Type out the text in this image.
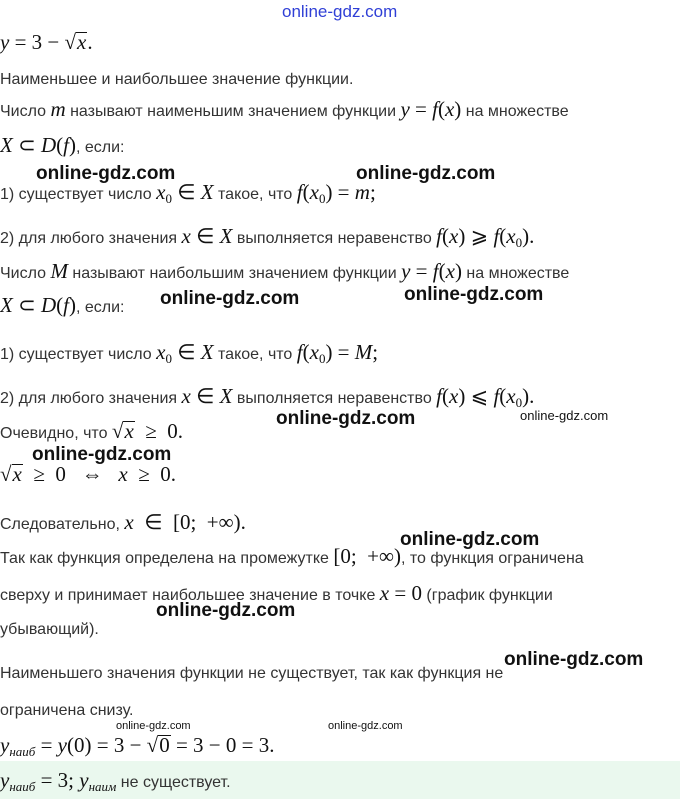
online-gdz.com
y = 3 − √x.
Наименьшее и наибольшее значение функции.
Число m называют наименьшим значением функции y = f(x) на множестве
X ⊂ D(f), если:
1) существует число $x_0$ ∈ X такое, что $f(x_0) = m$;
2) для любого значения x ∈ X выполняется неравенство f(x) ⩾ $f(x_0)$.
Число M называют наибольшим значением функции y = f(x) на множестве
X ⊂ D(f), если:
1) существует число $x_0$ ∈ X такое, что $f(x_0) = M$;
2) для любого значения x ∈ X выполняется неравенство f(x) ⩽ $f(x_0)$.
Очевидно, что √x  ≥  0.
√x  ≥  0   ⇔   x  ≥  0.
Следовательно, x  ∈  [0;  +∞).
Так как функция определена на промежутке [0;  +∞), то функция ограничена
сверху и принимает наибольшее значение в точке x = 0 (график функции
убывающий).
Наименьшего значения функции не существует, так как функция не
ограничена снизу.
$y_{наиб} = y(0) = 3 - √0 = 3 - 0 = 3$.
$y_{наиб} = 3$; $y_{наим}$ не существует.
online-gdz.com	online-gdz.com
online-gdz.com	online-gdz.com
online-gdz.com	online-gdz.com
online-gdz.com
online-gdz.com
online-gdz.com
online-gdz.com
online-gdz.com	online-gdz.com
